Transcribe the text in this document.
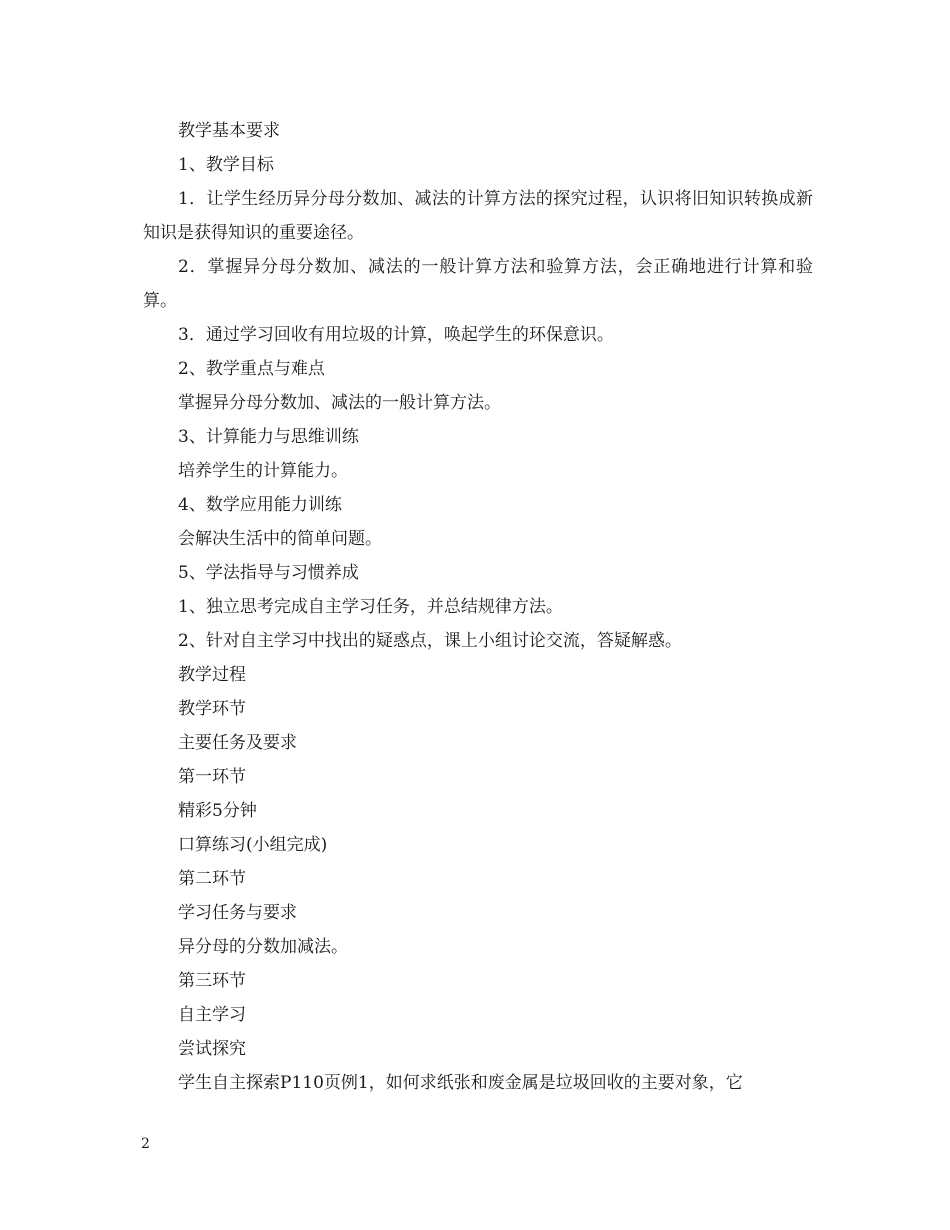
教学基本要求

1、教学目标

1．让学生经历异分母分数加、减法的计算方法的探究过程，认识将旧知识转换成新知识是获得知识的重要途径。

2．掌握异分母分数加、减法的一般计算方法和验算方法，会正确地进行计算和验算。

3．通过学习回收有用垃圾的计算，唤起学生的环保意识。

2、教学重点与难点

掌握异分母分数加、减法的一般计算方法。

3、计算能力与思维训练

培养学生的计算能力。

4、数学应用能力训练

会解决生活中的简单问题。

5、学法指导与习惯养成

1、独立思考完成自主学习任务，并总结规律方法。

2、针对自主学习中找出的疑惑点，课上小组讨论交流，答疑解惑。

教学过程

教学环节

主要任务及要求

第一环节

精彩5分钟

口算练习(小组完成)

第二环节

学习任务与要求

异分母的分数加减法。

第三环节

自主学习

尝试探究

学生自主探索P110页例1，如何求纸张和废金属是垃圾回收的主要对象，它

2
